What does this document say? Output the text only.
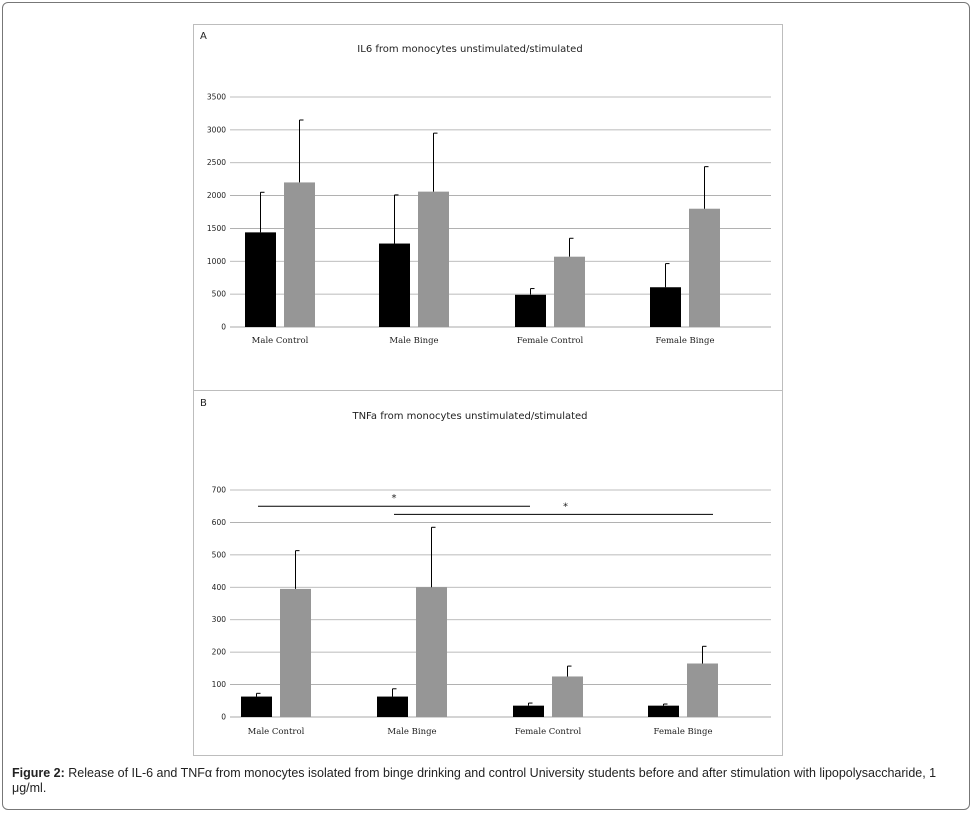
A
IL6 from monocytes unstimulated/stimulated
0
500
1000
1500
2000
2500
3000
3500
Male Control	Male Binge	Female Control	Female Binge
B
TNFa from monocytes unstimulated/stimulated
0
100
200
300
400
500
600
700
Male Control	Male Binge	Female Control	Female Binge
*
*
Figure 2: Release of IL-6 and TNFα from monocytes isolated from binge drinking and control University students before and after stimulation with lipopolysaccharide, 1 μg/ml.
